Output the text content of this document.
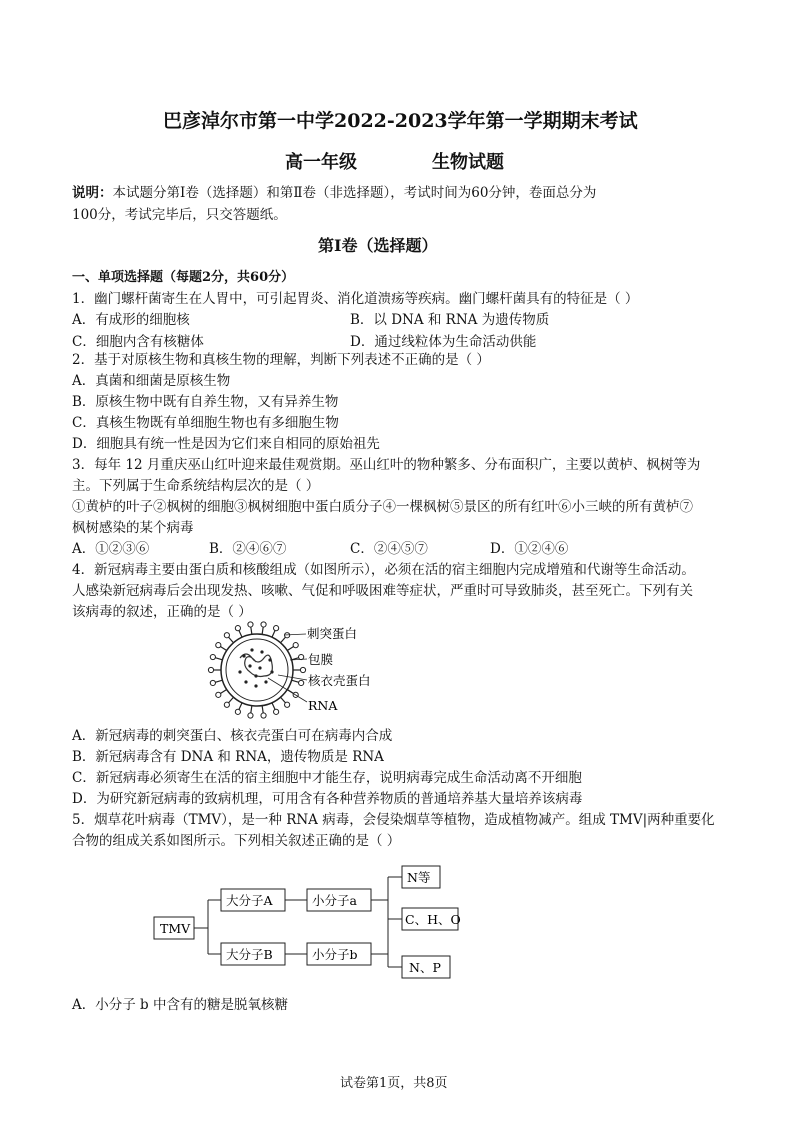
巴彦淖尔市第一中学2022-2023学年第一学期期末考试
高一年级	生物试题
说明：本试题分第Ⅰ卷（选择题）和第Ⅱ卷（非选择题），考试时间为60分钟，卷面总分为
100分，考试完毕后，只交答题纸。
第Ⅰ卷（选择题）
一、单项选择题（每题2分，共60分）
1．幽门螺杆菌寄生在人胃中，可引起胃炎、消化道溃疡等疾病。幽门螺杆菌具有的特征是（ ）
A．有成形的细胞核	B．以 DNA 和 RNA 为遗传物质
C．细胞内含有核糖体	D．通过线粒体为生命活动供能
2．基于对原核生物和真核生物的理解，判断下列表述不正确的是（ ）
A．真菌和细菌是原核生物
B．原核生物中既有自养生物，又有异养生物
C．真核生物既有单细胞生物也有多细胞生物
D．细胞具有统一性是因为它们来自相同的原始祖先
3．每年 12 月重庆巫山红叶迎来最佳观赏期。巫山红叶的物种繁多、分布面积广，主要以黄栌、枫树等为
主。下列属于生命系统结构层次的是（ ）
①黄栌的叶子②枫树的细胞③枫树细胞中蛋白质分子④一棵枫树⑤景区的所有红叶⑥小三峡的所有黄栌⑦
枫树感染的某个病毒
A．①②③⑥	B．②④⑥⑦	C．②④⑤⑦	D．①②④⑥
4．新冠病毒主要由蛋白质和核酸组成（如图所示），必须在活的宿主细胞内完成增殖和代谢等生命活动。
人感染新冠病毒后会出现发热、咳嗽、气促和呼吸困难等症状，严重时可导致肺炎，甚至死亡。下列有关
该病毒的叙述，正确的是（ ）
刺突蛋白
包膜
核衣壳蛋白
RNA
A．新冠病毒的刺突蛋白、核衣壳蛋白可在病毒内合成
B．新冠病毒含有 DNA 和 RNA，遗传物质是 RNA
C．新冠病毒必须寄生在活的宿主细胞中才能生存，说明病毒完成生命活动离不开细胞
D．为研究新冠病毒的致病机理，可用含有各种营养物质的普通培养基大量培养该病毒
5．烟草花叶病毒（TMV），是一种 RNA 病毒，会侵染烟草等植物，造成植物减产。组成 TMV|两种重要化
合物的组成关系如图所示。下列相关叙述正确的是（ ）
TMV
大分子A
大分子B
小分子a
小分子b
N等
C、H、O
N、P
A．小分子 b 中含有的糖是脱氧核糖
试卷第1页，共8页
